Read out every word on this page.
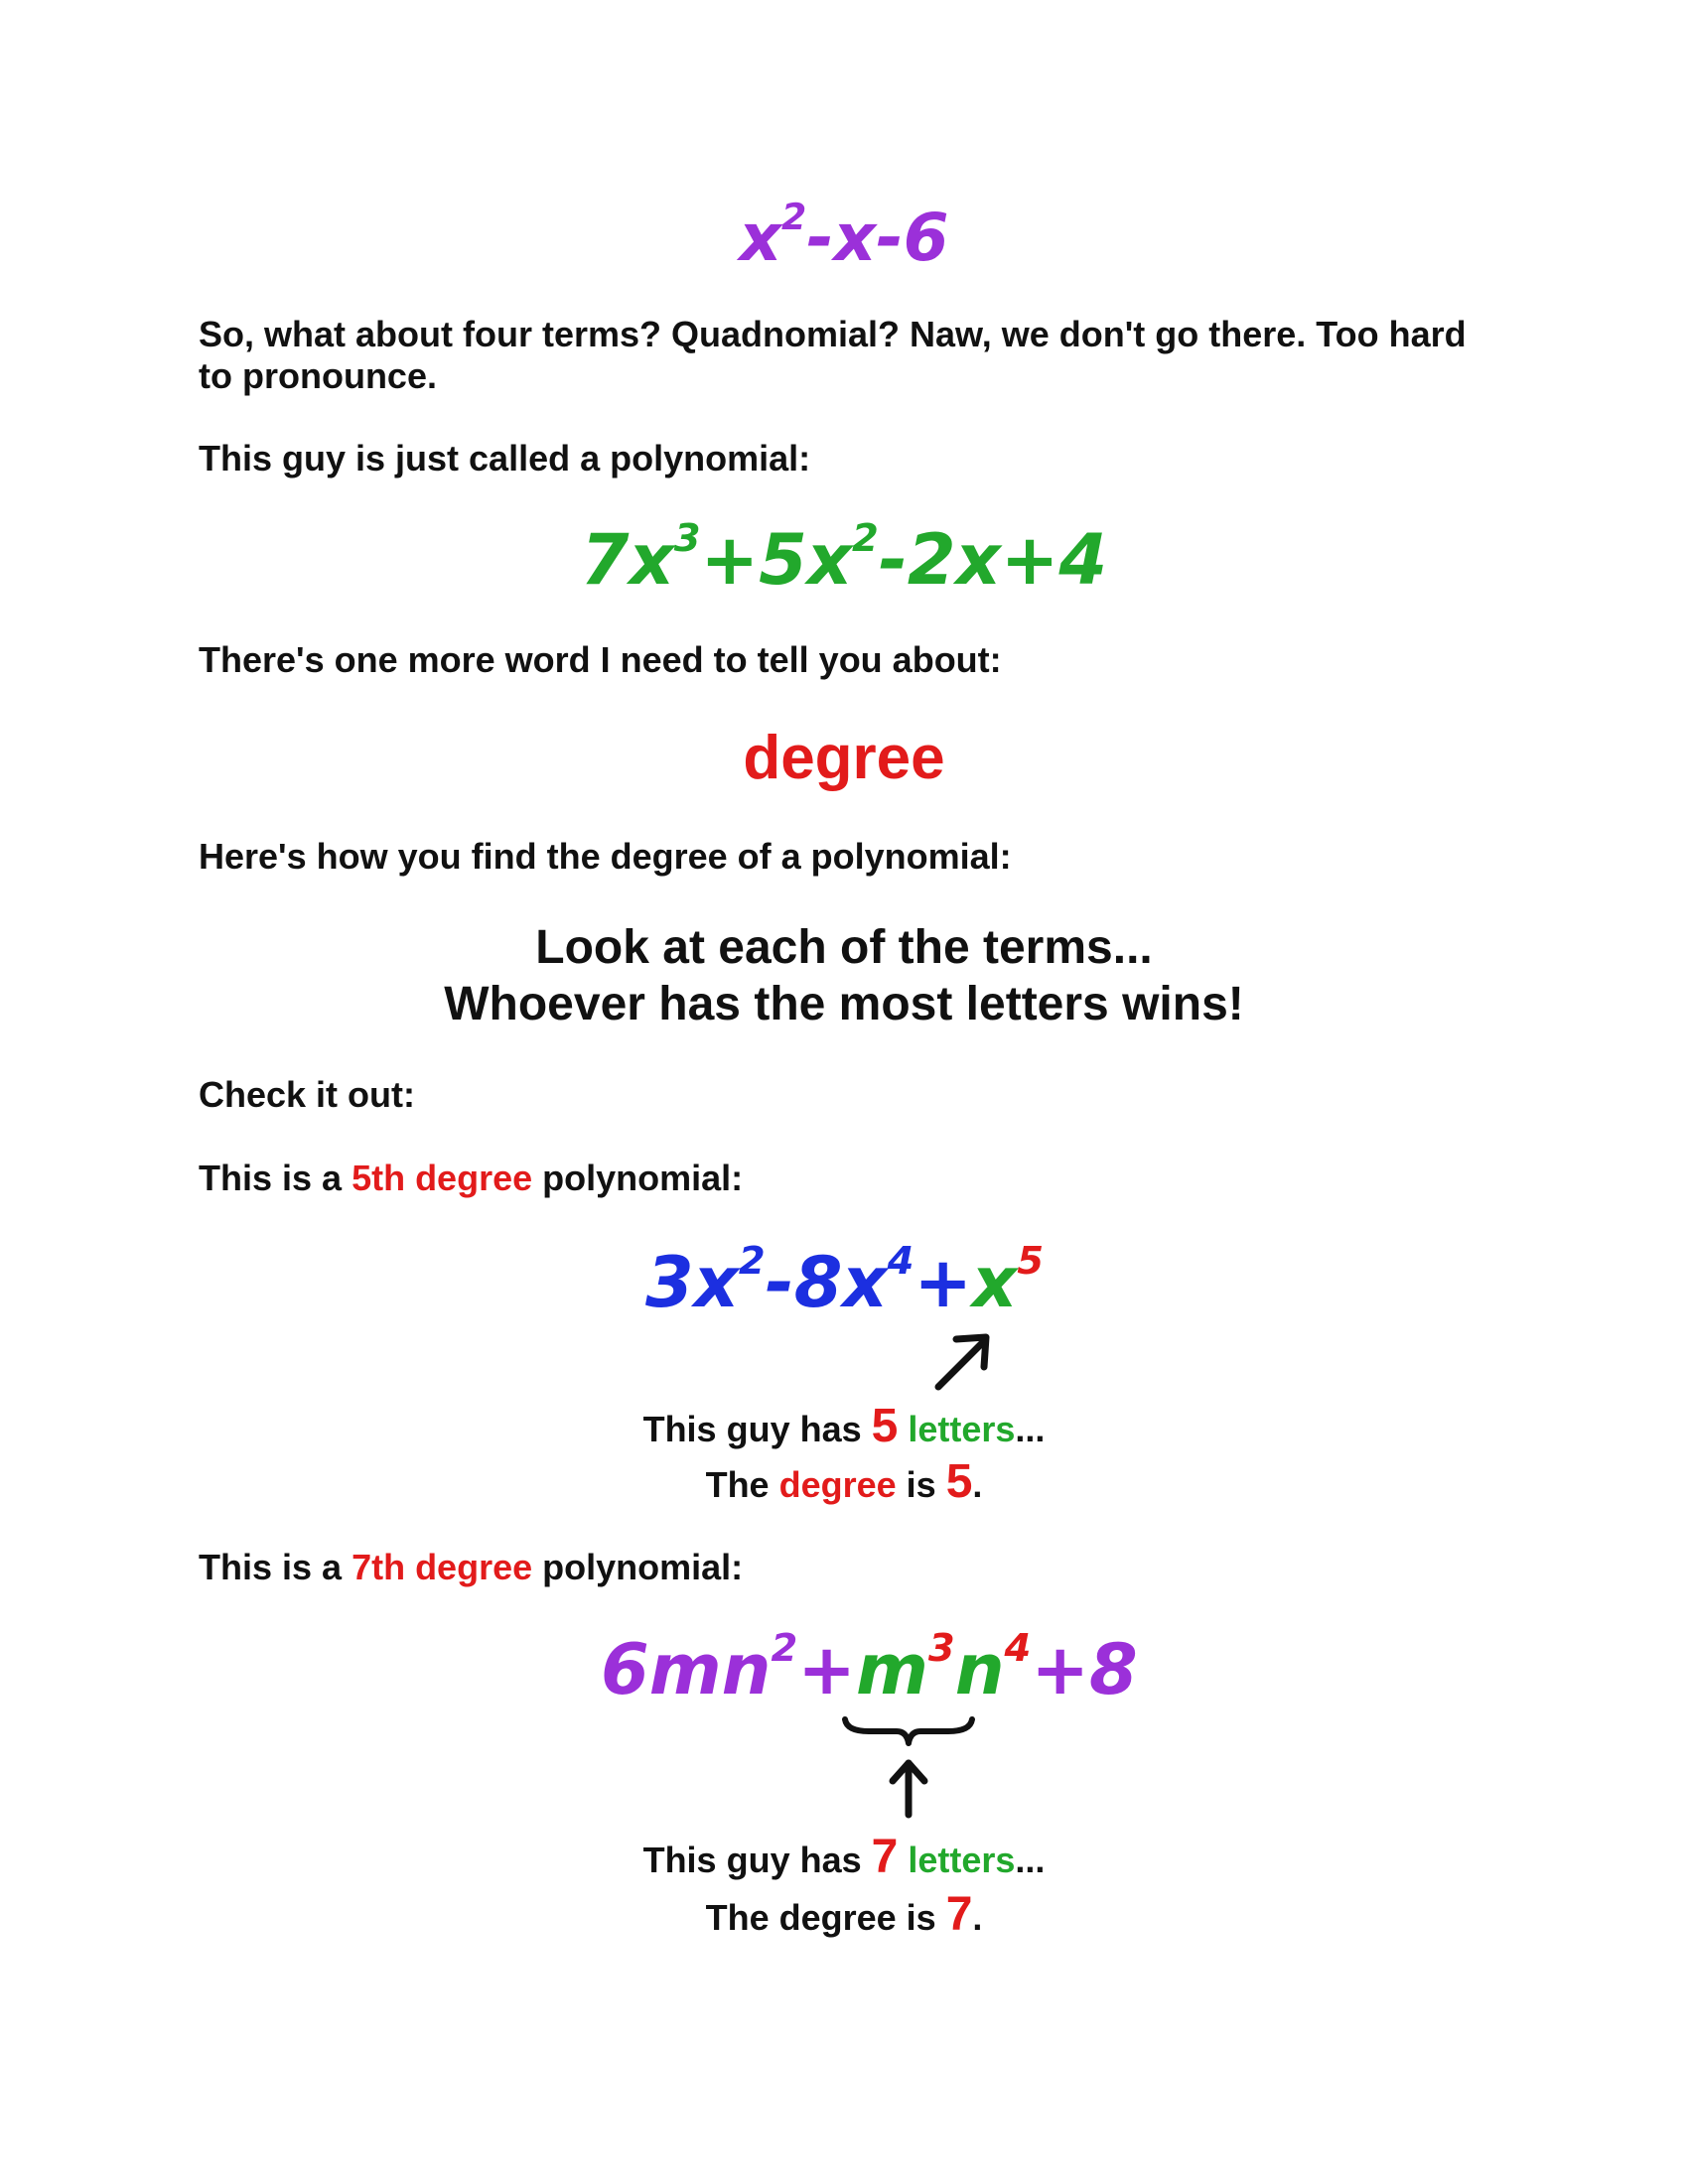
$x^2-x-6$
So, what about four terms? Quadnomial? Naw, we don't go there. Too hard to pronounce.
This guy is just called a polynomial:
$7x^3+5x^2-2x+4$
There's one more word I need to tell you about:
degree
Here's how you find the degree of a polynomial:
Look at each of the terms...
Whoever has the most letters wins!
Check it out:
This is a 5th degree polynomial:
$3x^2-8x^4+x^5$
This guy has 5 letters...
The degree is 5.
This is a 7th degree polynomial:
$6mn^2+m^3n^4+8$
This guy has 7 letters...
The degree is 7.
